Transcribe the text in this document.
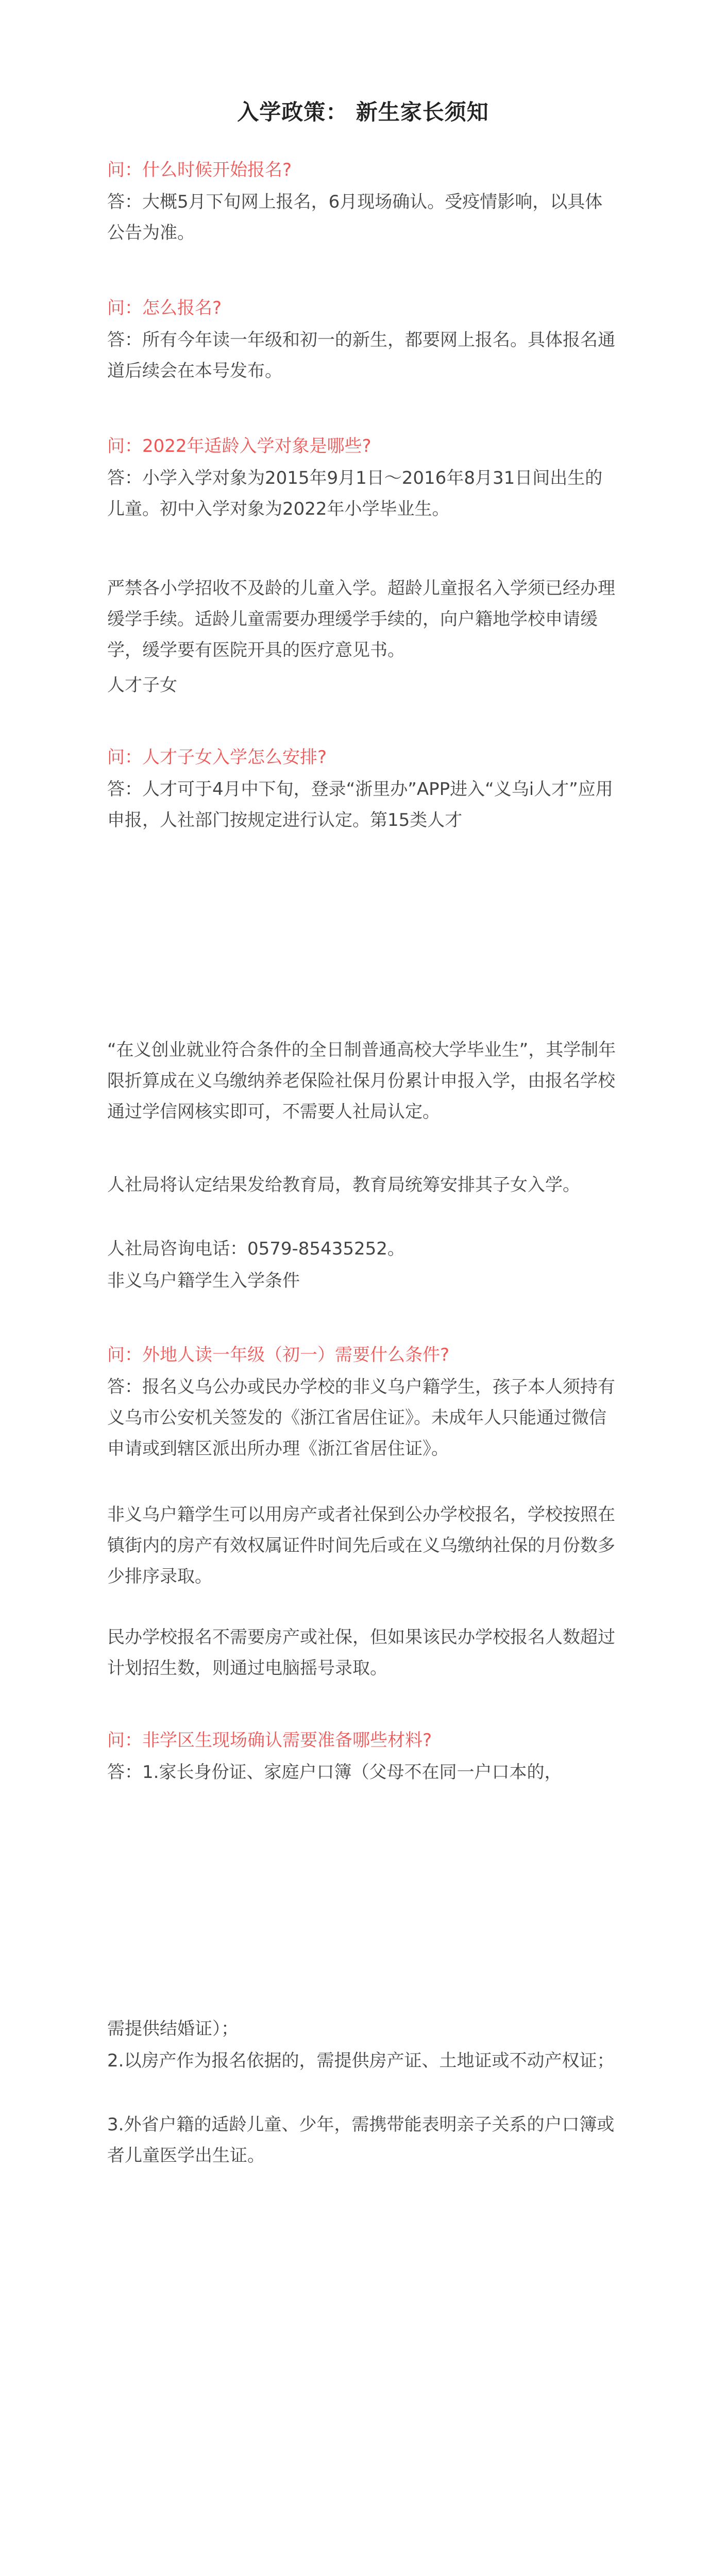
入学政策： 新生家长须知
问：什么时候开始报名?
答：大概5月下旬网上报名，6月现场确认。受疫情影响，以具体公告为准。
问：怎么报名?
答：所有今年读一年级和初一的新生，都要网上报名。具体报名通道后续会在本号发布。
问：2022年适龄入学对象是哪些?
答：小学入学对象为2015年9月1日～2016年8月31日间出生的儿童。初中入学对象为2022年小学毕业生。
严禁各小学招收不及龄的儿童入学。超龄儿童报名入学须已经办理缓学手续。适龄儿童需要办理缓学手续的，向户籍地学校申请缓学，缓学要有医院开具的医疗意见书。
人才子女
问：人才子女入学怎么安排?
答：人才可于4月中下旬，登录“浙里办”APP进入“义乌i人才”应用申报，人社部门按规定进行认定。第15类人才
“在义创业就业符合条件的全日制普通高校大学毕业生”，其学制年限折算成在义乌缴纳养老保险社保月份累计申报入学，由报名学校通过学信网核实即可，不需要人社局认定。
人社局将认定结果发给教育局，教育局统筹安排其子女入学。
人社局咨询电话：0579-85435252。
非义乌户籍学生入学条件
问：外地人读一年级（初一）需要什么条件?
答：报名义乌公办或民办学校的非义乌户籍学生，孩子本人须持有义乌市公安机关签发的《浙江省居住证》。未成年人只能通过微信申请或到辖区派出所办理《浙江省居住证》。
非义乌户籍学生可以用房产或者社保到公办学校报名，学校按照在镇街内的房产有效权属证件时间先后或在义乌缴纳社保的月份数多少排序录取。
民办学校报名不需要房产或社保，但如果该民办学校报名人数超过计划招生数，则通过电脑摇号录取。
问：非学区生现场确认需要准备哪些材料?
答：1.家长身份证、家庭户口簿（父母不在同一户口本的，
需提供结婚证）；
2.以房产作为报名依据的，需提供房产证、土地证或不动产权证；
3.外省户籍的适龄儿童、少年，需携带能表明亲子关系的户口簿或者儿童医学出生证。
